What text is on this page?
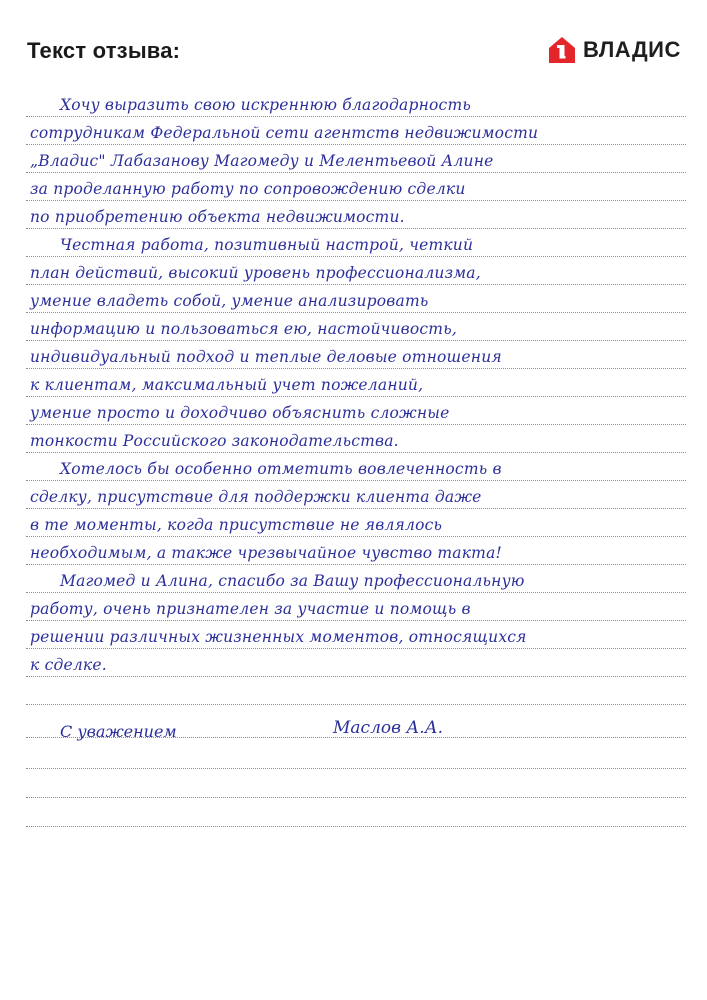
Текст отзыва:	ВЛАДИС
Хочу выразить свою искреннюю благодарность
сотрудникам Федеральной сети агентств недвижимости
„Владис" Лабазанову Магомеду и Мелентьевой Алине
за проделанную работу по сопровождению сделки
по приобретению объекта недвижимости.
Честная работа, позитивный настрой, четкий
план действий, высокий уровень профессионализма,
умение владеть собой, умение анализировать
информацию и пользоваться ею, настойчивость,
индивидуальный подход и теплые деловые отношения
к клиентам, максимальный учет пожеланий,
умение просто и доходчиво объяснить сложные
тонкости Российского законодательства.
Хотелось бы особенно отметить вовлеченность в
сделку, присутствие для поддержки клиента даже
в те моменты, когда присутствие не являлось
необходимым, а также чрезвычайное чувство такта!
Магомед и Алина, спасибо за Вашу профессиональную
работу, очень признателен за участие и помощь в
решении различных жизненных моментов, относящихся
к сделке.
С уважением	Маслов А.А.
